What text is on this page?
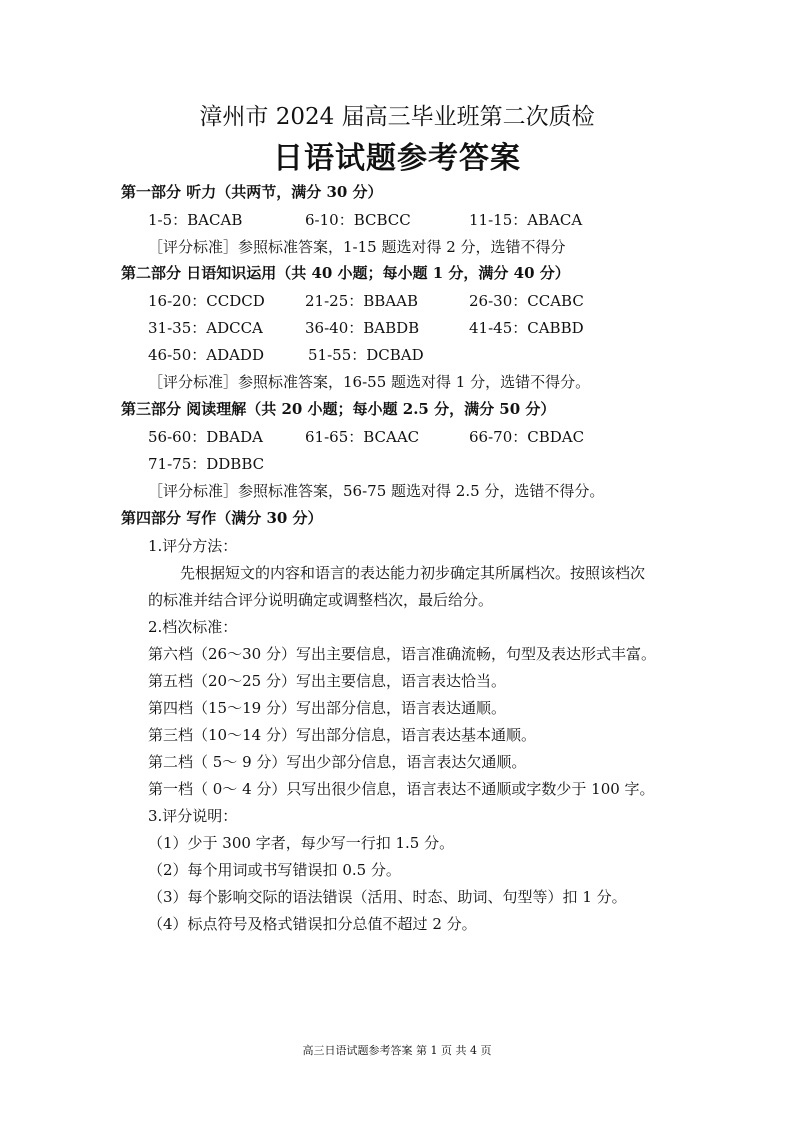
漳州市 2024 届高三毕业班第二次质检
日语试题参考答案
第一部分 听力（共两节，满分 30 分）
1-5：BACAB	6-10：BCBCC	11-15：ABACA
［评分标准］参照标准答案，1-15 题选对得 2 分，选错不得分
第二部分 日语知识运用（共 40 小题；每小题 1 分，满分 40 分）
16-20：CCDCD	21-25：BBAAB	26-30：CCABC
31-35：ADCCA	36-40：BABDB	41-45：CABBD
46-50：ADADD	51-55：DCBAD
［评分标准］参照标准答案，16-55 题选对得 1 分，选错不得分。
第三部分 阅读理解（共 20 小题；每小题 2.5 分，满分 50 分）
56-60：DBADA	61-65：BCAAC	66-70：CBDAC
71-75：DDBBC
［评分标准］参照标准答案，56-75 题选对得 2.5 分，选错不得分。
第四部分 写作（满分 30 分）
1.评分方法：
先根据短文的内容和语言的表达能力初步确定其所属档次。按照该档次
的标准并结合评分说明确定或调整档次，最后给分。
2.档次标准：
第六档（26～30 分）写出主要信息，语言准确流畅，句型及表达形式丰富。
第五档（20～25 分）写出主要信息，语言表达恰当。
第四档（15～19 分）写出部分信息，语言表达通顺。
第三档（10～14 分）写出部分信息，语言表达基本通顺。
第二档（ 5～ 9 分）写出少部分信息，语言表达欠通顺。
第一档（ 0～ 4 分）只写出很少信息，语言表达不通顺或字数少于 100 字。
3.评分说明：
（1）少于 300 字者，每少写一行扣 1.5 分。
（2）每个用词或书写错误扣 0.5 分。
（3）每个影响交际的语法错误（活用、时态、助词、句型等）扣 1 分。
（4）标点符号及格式错误扣分总值不超过 2 分。
高三日语试题参考答案 第 1 页 共 4 页
